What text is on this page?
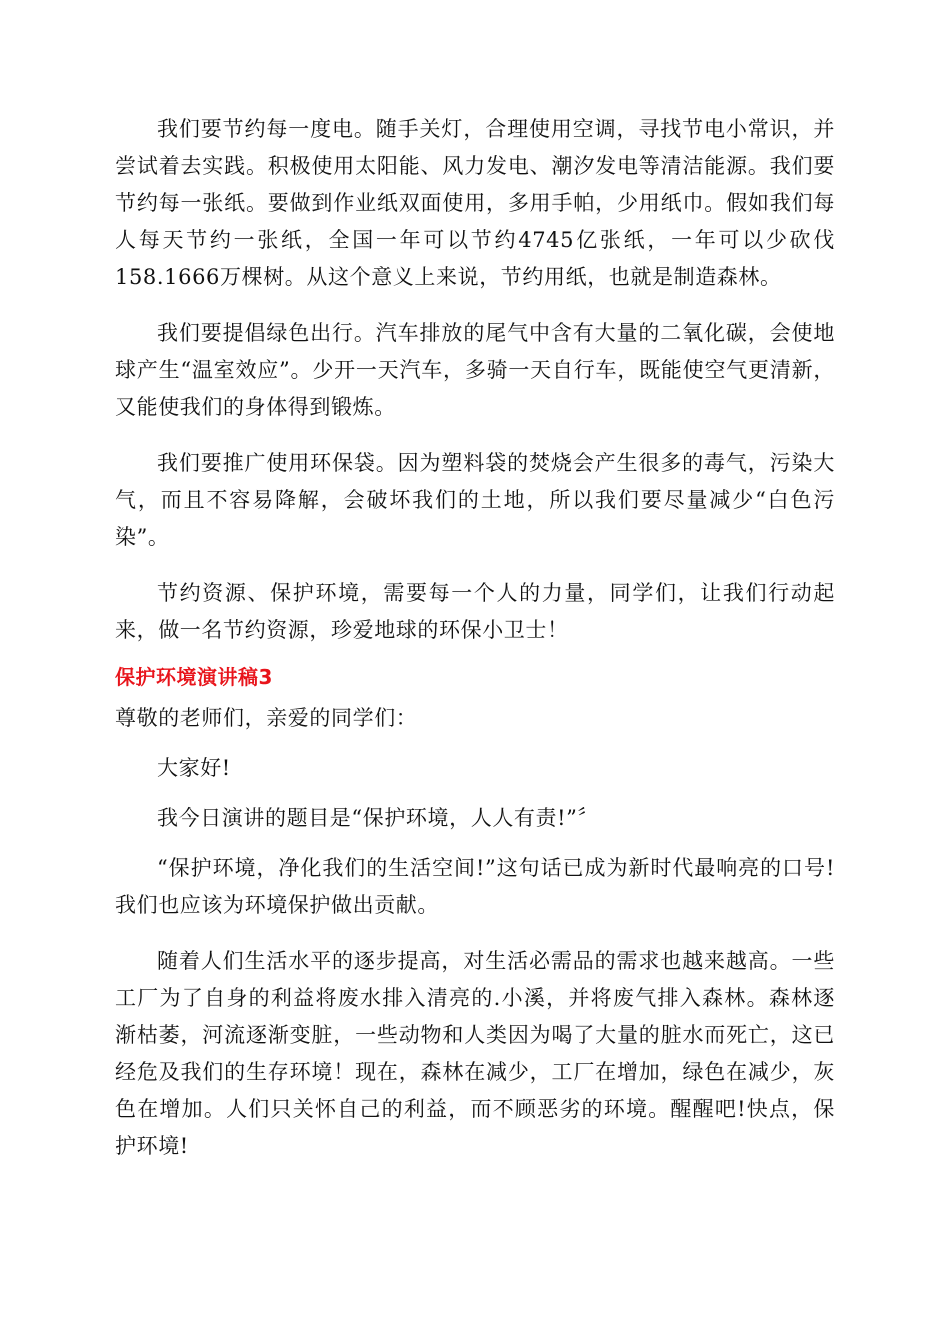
我们要节约每一度电。随手关灯，合理使用空调，寻找节电小常识，并尝试着去实践。积极使用太阳能、风力发电、潮汐发电等清洁能源。我们要节约每一张纸。要做到作业纸双面使用，多用手帕，少用纸巾。假如我们每人每天节约一张纸，全国一年可以节约4745亿张纸，一年可以少砍伐158.1666万棵树。从这个意义上来说，节约用纸，也就是制造森林。

我们要提倡绿色出行。汽车排放的尾气中含有大量的二氧化碳，会使地球产生“温室效应”。少开一天汽车，多骑一天自行车，既能使空气更清新，又能使我们的身体得到锻炼。

我们要推广使用环保袋。因为塑料袋的焚烧会产生很多的毒气，污染大气，而且不容易降解，会破坏我们的土地，所以我们要尽量减少“白色污染”。

节约资源、保护环境，需要每一个人的力量，同学们，让我们行动起来，做一名节约资源，珍爱地球的环保小卫士！

保护环境演讲稿3

尊敬的老师们，亲爱的同学们：

大家好!

我今日演讲的题目是“保护环境，人人有责!”〞

“保护环境，净化我们的生活空间!”这句话已成为新时代最响亮的口号!我们也应该为环境保护做出贡献。

随着人们生活水平的逐步提高，对生活必需品的需求也越来越高。一些工厂为了自身的利益将废水排入清亮的.小溪，并将废气排入森林。森林逐渐枯萎，河流逐渐变脏，一些动物和人类因为喝了大量的脏水而死亡，这已经危及我们的生存环境！现在，森林在减少，工厂在增加，绿色在减少，灰色在增加。人们只关怀自己的利益，而不顾恶劣的环境。醒醒吧!快点，保护环境!
